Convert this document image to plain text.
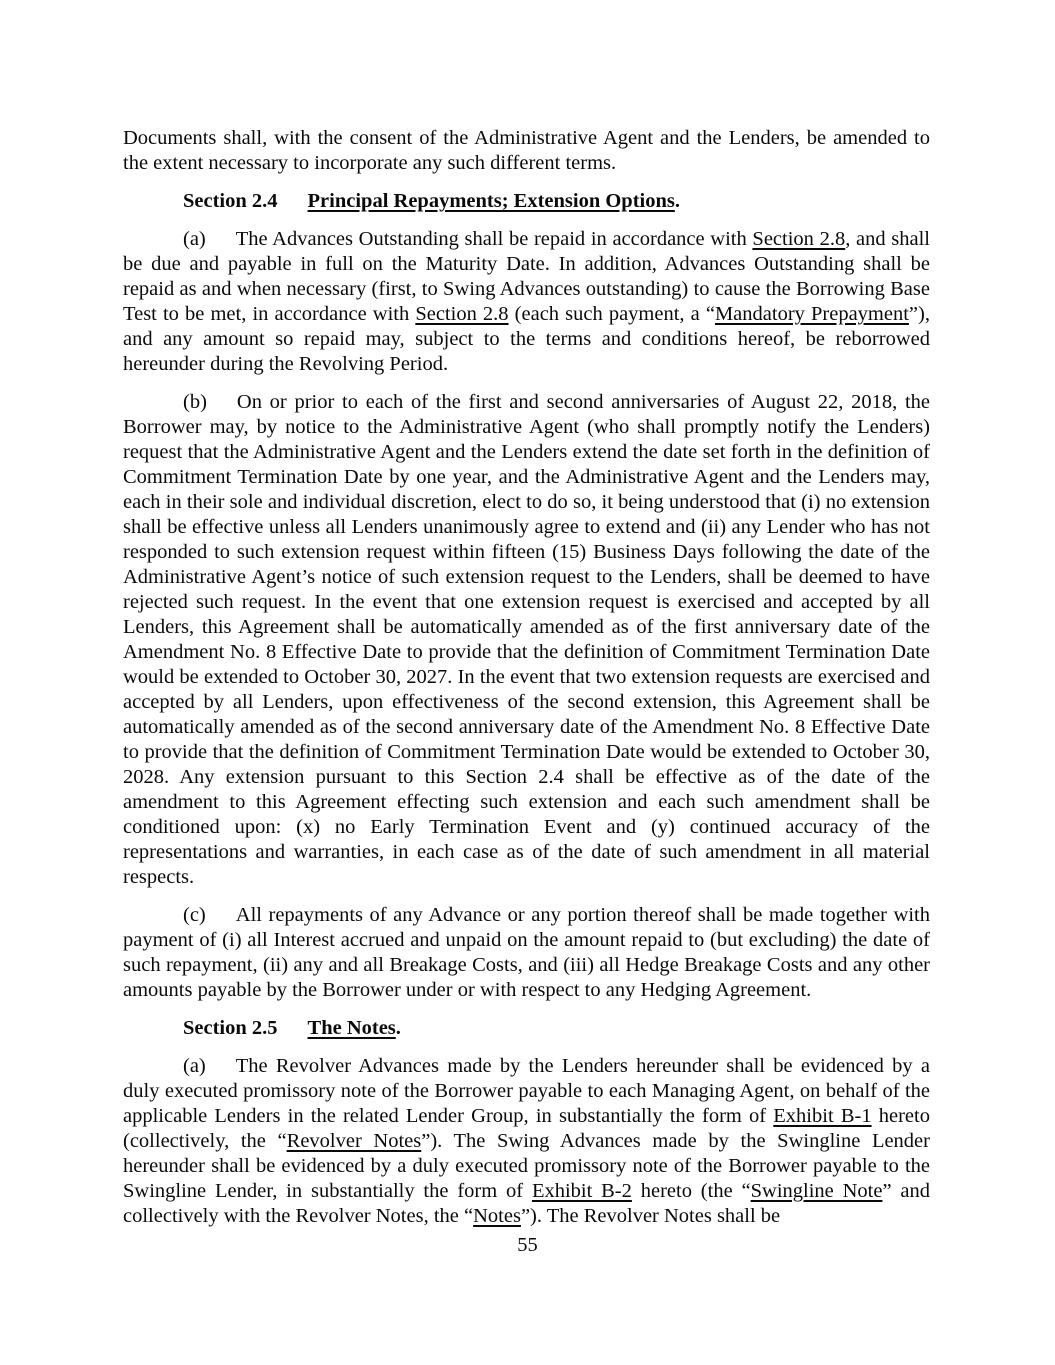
Documents shall, with the consent of the Administrative Agent and the Lenders, be amended to the extent necessary to incorporate any such different terms.

Section 2.4 Principal Repayments; Extension Options.

(a) The Advances Outstanding shall be repaid in accordance with Section 2.8, and shall be due and payable in full on the Maturity Date. In addition, Advances Outstanding shall be repaid as and when necessary (first, to Swing Advances outstanding) to cause the Borrowing Base Test to be met, in accordance with Section 2.8 (each such payment, a “Mandatory Prepayment”), and any amount so repaid may, subject to the terms and conditions hereof, be reborrowed hereunder during the Revolving Period.

(b) On or prior to each of the first and second anniversaries of August 22, 2018, the Borrower may, by notice to the Administrative Agent (who shall promptly notify the Lenders) request that the Administrative Agent and the Lenders extend the date set forth in the definition of Commitment Termination Date by one year, and the Administrative Agent and the Lenders may, each in their sole and individual discretion, elect to do so, it being understood that (i) no extension shall be effective unless all Lenders unanimously agree to extend and (ii) any Lender who has not responded to such extension request within fifteen (15) Business Days following the date of the Administrative Agent’s notice of such extension request to the Lenders, shall be deemed to have rejected such request. In the event that one extension request is exercised and accepted by all Lenders, this Agreement shall be automatically amended as of the first anniversary date of the Amendment No. 8 Effective Date to provide that the definition of Commitment Termination Date would be extended to October 30, 2027. In the event that two extension requests are exercised and accepted by all Lenders, upon effectiveness of the second extension, this Agreement shall be automatically amended as of the second anniversary date of the Amendment No. 8 Effective Date to provide that the definition of Commitment Termination Date would be extended to October 30, 2028. Any extension pursuant to this Section 2.4 shall be effective as of the date of the amendment to this Agreement effecting such extension and each such amendment shall be conditioned upon: (x) no Early Termination Event and (y) continued accuracy of the representations and warranties, in each case as of the date of such amendment in all material respects.

(c) All repayments of any Advance or any portion thereof shall be made together with payment of (i) all Interest accrued and unpaid on the amount repaid to (but excluding) the date of such repayment, (ii) any and all Breakage Costs, and (iii) all Hedge Breakage Costs and any other amounts payable by the Borrower under or with respect to any Hedging Agreement.

Section 2.5 The Notes.

(a) The Revolver Advances made by the Lenders hereunder shall be evidenced by a duly executed promissory note of the Borrower payable to each Managing Agent, on behalf of the applicable Lenders in the related Lender Group, in substantially the form of Exhibit B-1 hereto (collectively, the “Revolver Notes”). The Swing Advances made by the Swingline Lender hereunder shall be evidenced by a duly executed promissory note of the Borrower payable to the Swingline Lender, in substantially the form of Exhibit B-2 hereto (the “Swingline Note” and collectively with the Revolver Notes, the “Notes”). The Revolver Notes shall be

55
